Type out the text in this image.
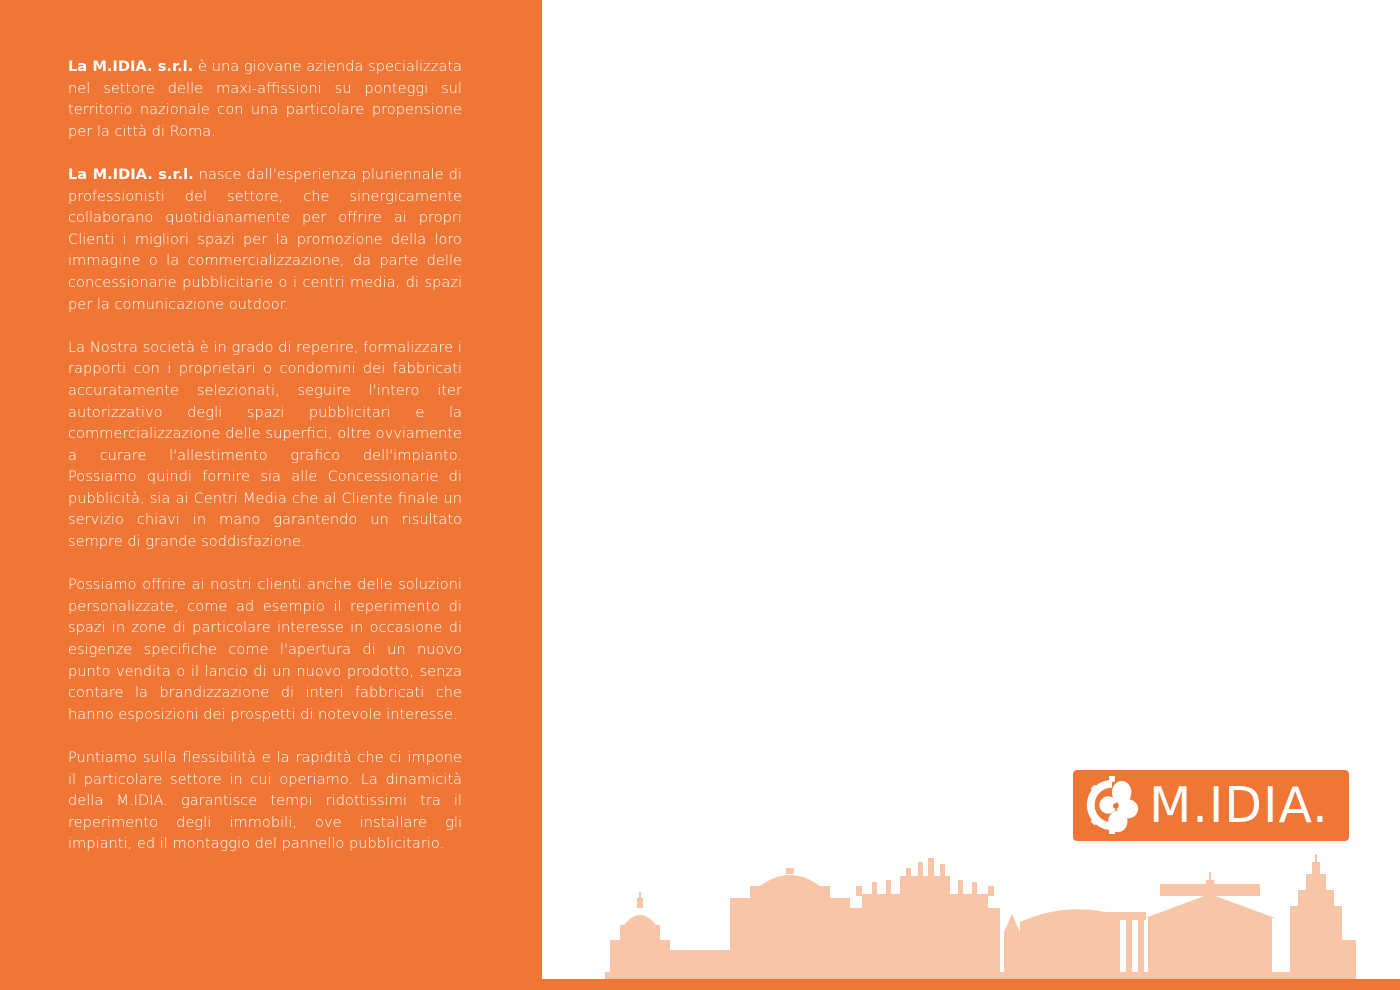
La M.IDIA. s.r.l. è una giovane azienda specializzata nel settore delle maxi-affissioni su ponteggi sul territorio nazionale con una particolare propensione per la città di Roma.

La M.IDIA. s.r.l. nasce dall'esperienza pluriennale di professionisti del settore, che sinergicamente collaborano quotidianamente per offrire ai propri Clienti i migliori spazi per la promozione della loro immagine o la commercializzazione, da parte delle concessionarie pubblicitarie o i centri media, di spazi per la comunicazione outdoor.

La Nostra società è in grado di reperire, formalizzare i rapporti con i proprietari o condomini dei fabbricati accuratamente selezionati, seguire l'intero iter autorizzativo degli spazi pubblicitari e la commercializzazione delle superfici, oltre ovviamente a curare l'allestimento grafico dell'impianto. Possiamo quindi fornire sia alle Concessionarie di pubblicità, sia ai Centri Media che al Cliente finale un servizio chiavi in mano garantendo un risultato sempre di grande soddisfazione.

Possiamo offrire ai nostri clienti anche delle soluzioni personalizzate, come ad esempio il reperimento di spazi in zone di particolare interesse in occasione di esigenze specifiche come l'apertura di un nuovo punto vendita o il lancio di un nuovo prodotto, senza contare la brandizzazione di interi fabbricati che hanno esposizioni dei prospetti di notevole interesse.

Puntiamo sulla flessibilità e la rapidità che ci impone il particolare settore in cui operiamo. La dinamicità della M.IDIA. garantisce tempi ridottissimi tra il reperimento degli immobili, ove installare gli impianti, ed il montaggio del pannello pubblicitario.

M.IDIA.
